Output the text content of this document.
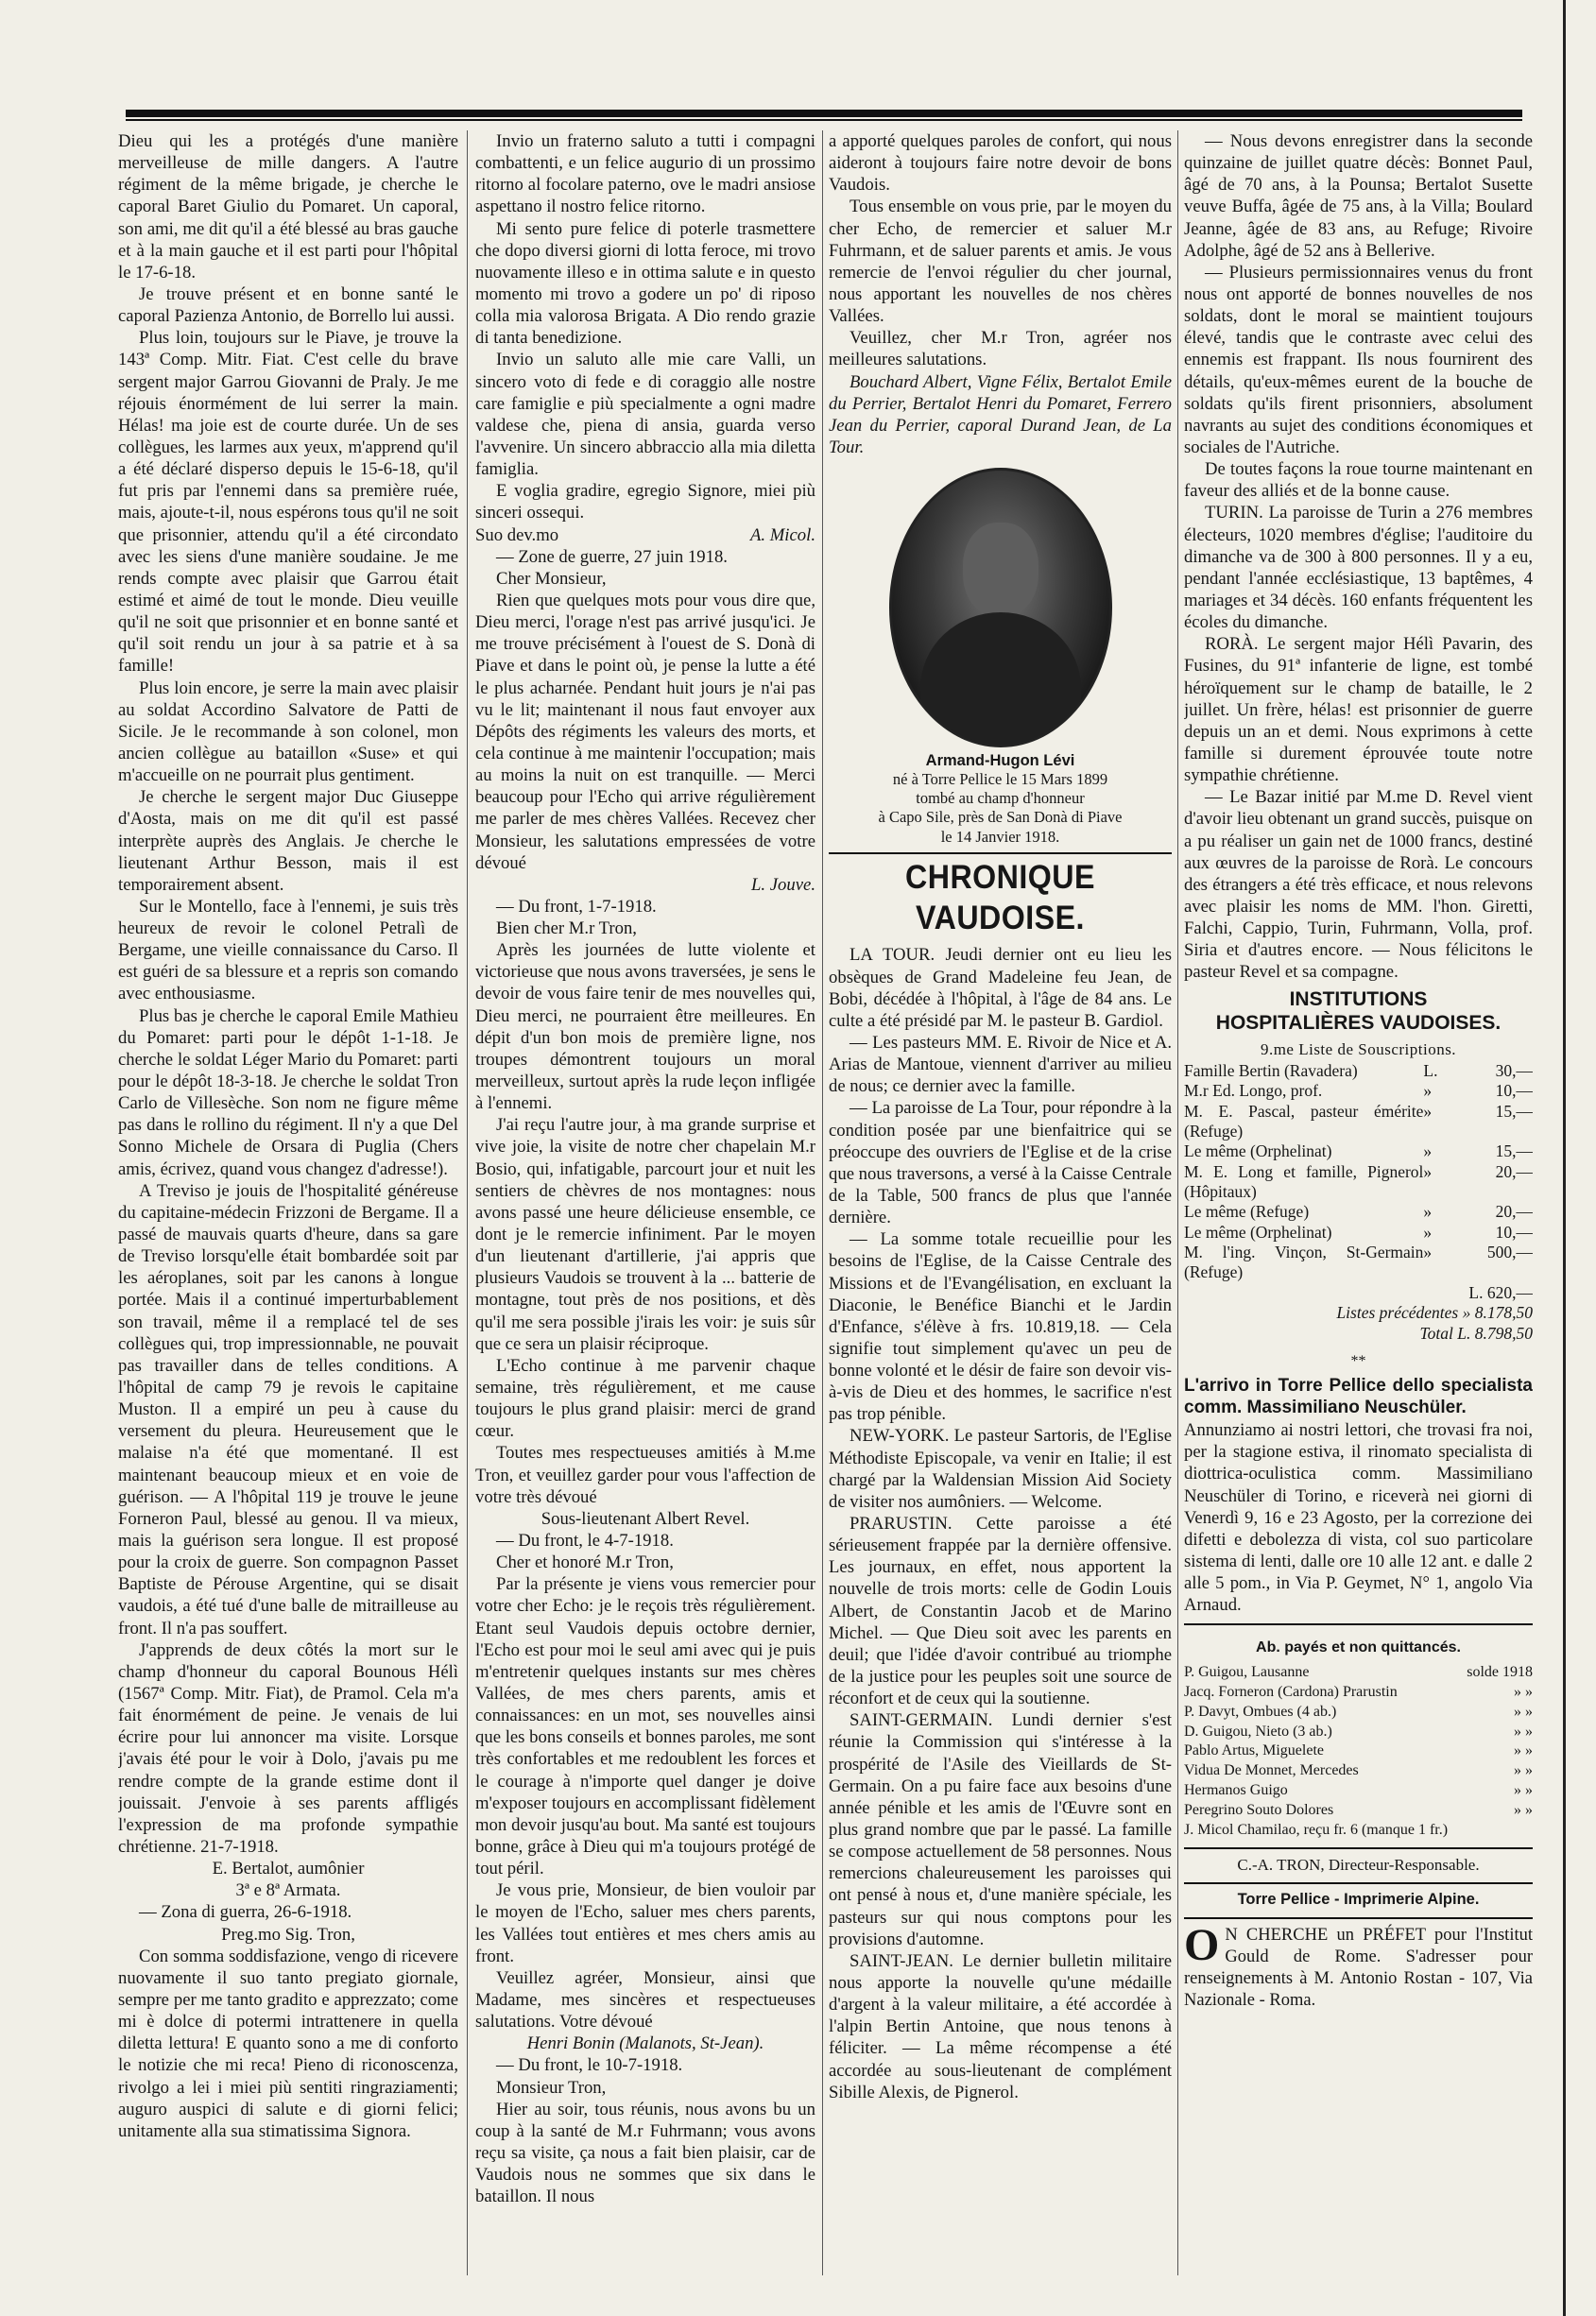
Dieu qui les a protégés d'une manière merveilleuse de mille dangers. A l'autre régiment de la même brigade, je cherche le caporal Baret Giulio du Pomaret. Un caporal, son ami, me dit qu'il a été blessé au bras gauche et à la main gauche et il est parti pour l'hôpital le 17-6-18.

Je trouve présent et en bonne santé le caporal Pazienza Antonio, de Borrello lui aussi.

Plus loin, toujours sur le Piave, je trouve la 143ª Comp. Mitr. Fiat. C'est celle du brave sergent major Garrou Giovanni de Praly. Je me réjouis énormément de lui serrer la main. Hélas! ma joie est de courte durée. Un de ses collègues, les larmes aux yeux, m'apprend qu'il a été déclaré disperso depuis le 15-6-18, qu'il fut pris par l'ennemi dans sa première ruée, mais, ajoute-t-il, nous espérons tous qu'il ne soit que prisonnier, attendu qu'il a été circondato avec les siens d'une manière soudaine. Je me rends compte avec plaisir que Garrou était estimé et aimé de tout le monde. Dieu veuille qu'il ne soit que prisonnier et en bonne santé et qu'il soit rendu un jour à sa patrie et à sa famille!

Plus loin encore, je serre la main avec plaisir au soldat Accordino Salvatore de Patti de Sicile. Je le recommande à son colonel, mon ancien collègue au bataillon «Suse» et qui m'accueille on ne pourrait plus gentiment.

Je cherche le sergent major Duc Giuseppe d'Aosta, mais on me dit qu'il est passé interprète auprès des Anglais. Je cherche le lieutenant Arthur Besson, mais il est temporairement absent.

Sur le Montello, face à l'ennemi, je suis très heureux de revoir le colonel Petralì de Bergame, une vieille connaissance du Carso. Il est guéri de sa blessure et a repris son comando avec enthousiasme.

Plus bas je cherche le caporal Emile Mathieu du Pomaret: parti pour le dépôt 1-1-18. Je cherche le soldat Léger Mario du Pomaret: parti pour le dépôt 18-3-18. Je cherche le soldat Tron Carlo de Villesèche. Son nom ne figure même pas dans le rollino du régiment. Il n'y a que Del Sonno Michele de Orsara di Puglia (Chers amis, écrivez, quand vous changez d'adresse!).

A Treviso je jouis de l'hospitalité généreuse du capitaine-médecin Frizzoni de Bergame. Il a passé de mauvais quarts d'heure, dans sa gare de Treviso lorsqu'elle était bombardée soit par les aéroplanes, soit par les canons à longue portée. Mais il a continué imperturbablement son travail, même il a remplacé tel de ses collègues qui, trop impressionnable, ne pouvait pas travailler dans de telles conditions. A l'hôpital de camp 79 je revois le capitaine Muston. Il a empiré un peu à cause du versement du pleura. Heureusement que le malaise n'a été que momentané. Il est maintenant beaucoup mieux et en voie de guérison. — A l'hôpital 119 je trouve le jeune Forneron Paul, blessé au genou. Il va mieux, mais la guérison sera longue. Il est proposé pour la croix de guerre. Son compagnon Passet Baptiste de Pérouse Argentine, qui se disait vaudois, a été tué d'une balle de mitrailleuse au front. Il n'a pas souffert.

J'apprends de deux côtés la mort sur le champ d'honneur du caporal Bounous Hélì (1567ª Comp. Mitr. Fiat), de Pramol. Cela m'a fait énormément de peine. Je venais de lui écrire pour lui annoncer ma visite. Lorsque j'avais été pour le voir à Dolo, j'avais pu me rendre compte de la grande estime dont il jouissait. J'envoie à ses parents affligés l'expression de ma profonde sympathie chrétienne. 21-7-1918.

E. Bertalot, aumônier

3ª e 8ª Armata.

— Zona di guerra, 26-6-1918.

Preg.mo Sig. Tron,

Con somma soddisfazione, vengo di ricevere nuovamente il suo tanto pregiato giornale, sempre per me tanto gradito e apprezzato; come mi è dolce di potermi intrattenere in quella diletta lettura! E quanto sono a me di conforto le notizie che mi reca! Pieno di riconoscenza, rivolgo a lei i miei più sentiti ringraziamenti; auguro auspici di salute e di giorni felici; unitamente alla sua stimatissima Signora.

Invio un fraterno saluto a tutti i compagni combattenti, e un felice augurio di un prossimo ritorno al focolare paterno, ove le madri ansiose aspettano il nostro felice ritorno.

Mi sento pure felice di poterle trasmettere che dopo diversi giorni di lotta feroce, mi trovo nuovamente illeso e in ottima salute e in questo momento mi trovo a godere un po' di riposo colla mia valorosa Brigata. A Dio rendo grazie di tanta benedizione.

Invio un saluto alle mie care Valli, un sincero voto di fede e di coraggio alle nostre care famiglie e più specialmente a ogni madre valdese che, piena di ansia, guarda verso l'avvenire. Un sincero abbraccio alla mia diletta famiglia.

E voglia gradire, egregio Signore, miei più sinceri ossequi.

Suo dev.mo	A. Micol.

— Zone de guerre, 27 juin 1918.

Cher Monsieur,

Rien que quelques mots pour vous dire que, Dieu merci, l'orage n'est pas arrivé jusqu'ici. Je me trouve précisément à l'ouest de S. Donà di Piave et dans le point où, je pense la lutte a été le plus acharnée. Pendant huit jours je n'ai pas vu le lit; maintenant il nous faut envoyer aux Dépôts des régiments les valeurs des morts, et cela continue à me maintenir l'occupation; mais au moins la nuit on est tranquille. — Merci beaucoup pour l'Echo qui arrive régulièrement me parler de mes chères Vallées. Recevez cher Monsieur, les salutations empressées de votre dévoué

L. Jouve.

— Du front, 1-7-1918.

Bien cher M.r Tron,

Après les journées de lutte violente et victorieuse que nous avons traversées, je sens le devoir de vous faire tenir de mes nouvelles qui, Dieu merci, ne pourraient être meilleures. En dépit d'un bon mois de première ligne, nos troupes démontrent toujours un moral merveilleux, surtout après la rude leçon infligée à l'ennemi.

J'ai reçu l'autre jour, à ma grande surprise et vive joie, la visite de notre cher chapelain M.r Bosio, qui, infatigable, parcourt jour et nuit les sentiers de chèvres de nos montagnes: nous avons passé une heure délicieuse ensemble, ce dont je le remercie infiniment. Par le moyen d'un lieutenant d'artillerie, j'ai appris que plusieurs Vaudois se trouvent à la ... batterie de montagne, tout près de nos positions, et dès qu'il me sera possible j'irais les voir: je suis sûr que ce sera un plaisir réciproque.

L'Echo continue à me parvenir chaque semaine, très régulièrement, et me cause toujours le plus grand plaisir: merci de grand cœur.

Toutes mes respectueuses amitiés à M.me Tron, et veuillez garder pour vous l'affection de votre très dévoué

Sous-lieutenant Albert Revel.

— Du front, le 4-7-1918.

Cher et honoré M.r Tron,

Par la présente je viens vous remercier pour votre cher Echo: je le reçois très régulièrement. Etant seul Vaudois depuis octobre dernier, l'Echo est pour moi le seul ami avec qui je puis m'entretenir quelques instants sur mes chères Vallées, de mes chers parents, amis et connaissances: en un mot, ses nouvelles ainsi que les bons conseils et bonnes paroles, me sont très confortables et me redoublent les forces et le courage à n'importe quel danger je doive m'exposer toujours en accomplissant fidèlement mon devoir jusqu'au bout. Ma santé est toujours bonne, grâce à Dieu qui m'a toujours protégé de tout péril.

Je vous prie, Monsieur, de bien vouloir par le moyen de l'Echo, saluer mes chers parents, les Vallées tout entières et mes chers amis au front.

Veuillez agréer, Monsieur, ainsi que Madame, mes sincères et respectueuses salutations. Votre dévoué

Henri Bonin (Malanots, St-Jean).

— Du front, le 10-7-1918.

Monsieur Tron,

Hier au soir, tous réunis, nous avons bu un coup à la santé de M.r Fuhrmann; vous avons reçu sa visite, ça nous a fait bien plaisir, car de Vaudois nous ne sommes que six dans le bataillon. Il nous

a apporté quelques paroles de confort, qui nous aideront à toujours faire notre devoir de bons Vaudois.

Tous ensemble on vous prie, par le moyen du cher Echo, de remercier et saluer M.r Fuhrmann, et de saluer parents et amis. Je vous remercie de l'envoi régulier du cher journal, nous apportant les nouvelles de nos chères Vallées.

Veuillez, cher M.r Tron, agréer nos meilleures salutations.

Bouchard Albert, Vigne Félix, Bertalot Emile du Perrier, Bertalot Henri du Pomaret, Ferrero Jean du Perrier, caporal Durand Jean, de La Tour.

Armand-Hugon Lévi
né à Torre Pellice le 15 Mars 1899
tombé au champ d'honneur
à Capo Sile, près de San Donà di Piave
le 14 Janvier 1918.
CHRONIQUE VAUDOISE.

LA TOUR. Jeudi dernier ont eu lieu les obsèques de Grand Madeleine feu Jean, de Bobi, décédée à l'hôpital, à l'âge de 84 ans. Le culte a été présidé par M. le pasteur B. Gardiol.

— Les pasteurs MM. E. Rivoir de Nice et A. Arias de Mantoue, viennent d'arriver au milieu de nous; ce dernier avec la famille.

— La paroisse de La Tour, pour répondre à la condition posée par une bienfaitrice qui se préoccupe des ouvriers de l'Eglise et de la crise que nous traversons, a versé à la Caisse Centrale de la Table, 500 francs de plus que l'année dernière.

— La somme totale recueillie pour les besoins de l'Eglise, de la Caisse Centrale des Missions et de l'Evangélisation, en excluant la Diaconie, le Benéfice Bianchi et le Jardin d'Enfance, s'élève à frs. 10.819,18. — Cela signifie tout simplement qu'avec un peu de bonne volonté et le désir de faire son devoir vis-à-vis de Dieu et des hommes, le sacrifice n'est pas trop pénible.

NEW-YORK. Le pasteur Sartoris, de l'Eglise Méthodiste Episcopale, va venir en Italie; il est chargé par la Waldensian Mission Aid Society de visiter nos aumôniers. — Welcome.

PRARUSTIN. Cette paroisse a été sérieusement frappée par la dernière offensive. Les journaux, en effet, nous apportent la nouvelle de trois morts: celle de Godin Louis Albert, de Constantin Jacob et de Marino Michel. — Que Dieu soit avec les parents en deuil; que l'idée d'avoir contribué au triomphe de la justice pour les peuples soit une source de réconfort et de ceux qui la soutienne.

SAINT-GERMAIN. Lundi dernier s'est réunie la Commission qui s'intéresse à la prospérité de l'Asile des Vieillards de St-Germain. On a pu faire face aux besoins d'une année pénible et les amis de l'Œuvre sont en plus grand nombre que par le passé. La famille se compose actuellement de 58 personnes. Nous remercions chaleureusement les paroisses qui ont pensé à nous et, d'une manière spéciale, les pasteurs sur qui nous comptons pour les provisions d'automne.

SAINT-JEAN. Le dernier bulletin militaire nous apporte la nouvelle qu'une médaille d'argent à la valeur militaire, a été accordée à l'alpin Bertin Antoine, que nous tenons à féliciter. — La même récompense a été accordée au sous-lieutenant de complément Sibille Alexis, de Pignerol.

— Nous devons enregistrer dans la seconde quinzaine de juillet quatre décès: Bonnet Paul, âgé de 70 ans, à la Pounsa; Bertalot Susette veuve Buffa, âgée de 75 ans, à la Villa; Boulard Jeanne, âgée de 83 ans, au Refuge; Rivoire Adolphe, âgé de 52 ans à Bellerive.

— Plusieurs permissionnaires venus du front nous ont apporté de bonnes nouvelles de nos soldats, dont le moral se maintient toujours élevé, tandis que le contraste avec celui des ennemis est frappant. Ils nous fournirent des détails, qu'eux-mêmes eurent de la bouche de soldats qu'ils firent prisonniers, absolument navrants au sujet des conditions économiques et sociales de l'Autriche.

De toutes façons la roue tourne maintenant en faveur des alliés et de la bonne cause.

TURIN. La paroisse de Turin a 276 membres électeurs, 1020 membres d'église; l'auditoire du dimanche va de 300 à 800 personnes. Il y a eu, pendant l'année ecclésiastique, 13 baptêmes, 4 mariages et 34 décès. 160 enfants fréquentent les écoles du dimanche.

RORÀ. Le sergent major Hélì Pavarin, des Fusines, du 91ª infanterie de ligne, est tombé héroïquement sur le champ de bataille, le 2 juillet. Un frère, hélas! est prisonnier de guerre depuis un an et demi. Nous exprimons à cette famille si durement éprouvée toute notre sympathie chrétienne.

— Le Bazar initié par M.me D. Revel vient d'avoir lieu obtenant un grand succès, puisque on a pu réaliser un gain net de 1000 francs, destiné aux œuvres de la paroisse de Rorà. Le concours des étrangers a été très efficace, et nous relevons avec plaisir les noms de MM. l'hon. Giretti, Falchi, Cappio, Turin, Fuhrmann, Volla, prof. Siria et d'autres encore. — Nous félicitons le pasteur Revel et sa compagne.

INSTITUTIONS
HOSPITALIÈRES VAUDOISES.
9.me Liste de Souscriptions.
Famille Bertin (Ravadera)	L.	30,—
M.r Ed. Longo, prof.	»	10,—
M. E. Pascal, pasteur émérite (Refuge)	»	15,—
Le même (Orphelinat)	»	15,—
M. E. Long et famille, Pignerol (Hôpitaux)	»	20,—
Le même (Refuge)	»	20,—
Le même (Orphelinat)	»	10,—
M. l'ing. Vinçon, St-Germain (Refuge)	»	500,—
L. 620,—
Listes précédentes » 8.178,50
Total L. 8.798,50
**

L'arrivo in Torre Pellice dello specialista comm. Massimiliano Neuschüler.

Annunziamo ai nostri lettori, che trovasi fra noi, per la stagione estiva, il rinomato specialista di diottrica-oculistica comm. Massimiliano Neuschüler di Torino, e riceverà nei giorni di Venerdì 9, 16 e 23 Agosto, per la correzione dei difetti e debolezza di vista, col suo particolare sistema di lenti, dalle ore 10 alle 12 ant. e dalle 2 alle 5 pom., in Via P. Geymet, N° 1, angolo Via Arnaud.

Ab. payés et non quittancés.
P. Guigou, Lausanne	solde 1918
Jacq. Forneron (Cardona) Prarustin	» »
P. Davyt, Ombues (4 ab.)	» »
D. Guigou, Nieto (3 ab.)	» »
Pablo Artus, Miguelete	» »
Vidua De Monnet, Mercedes	» »
Hermanos Guigo	» »
Peregrino Souto Dolores	» »
J. Micol Chamilao, reçu fr. 6 (manque 1 fr.)	
C.-A. TRON, Directeur-Responsable.
Torre Pellice - Imprimerie Alpine.
O N CHERCHE un PRÉFET pour l'Institut Gould de Rome. S'adresser pour renseignements à M. Antonio Rostan - 107, Via Nazionale - Roma.
